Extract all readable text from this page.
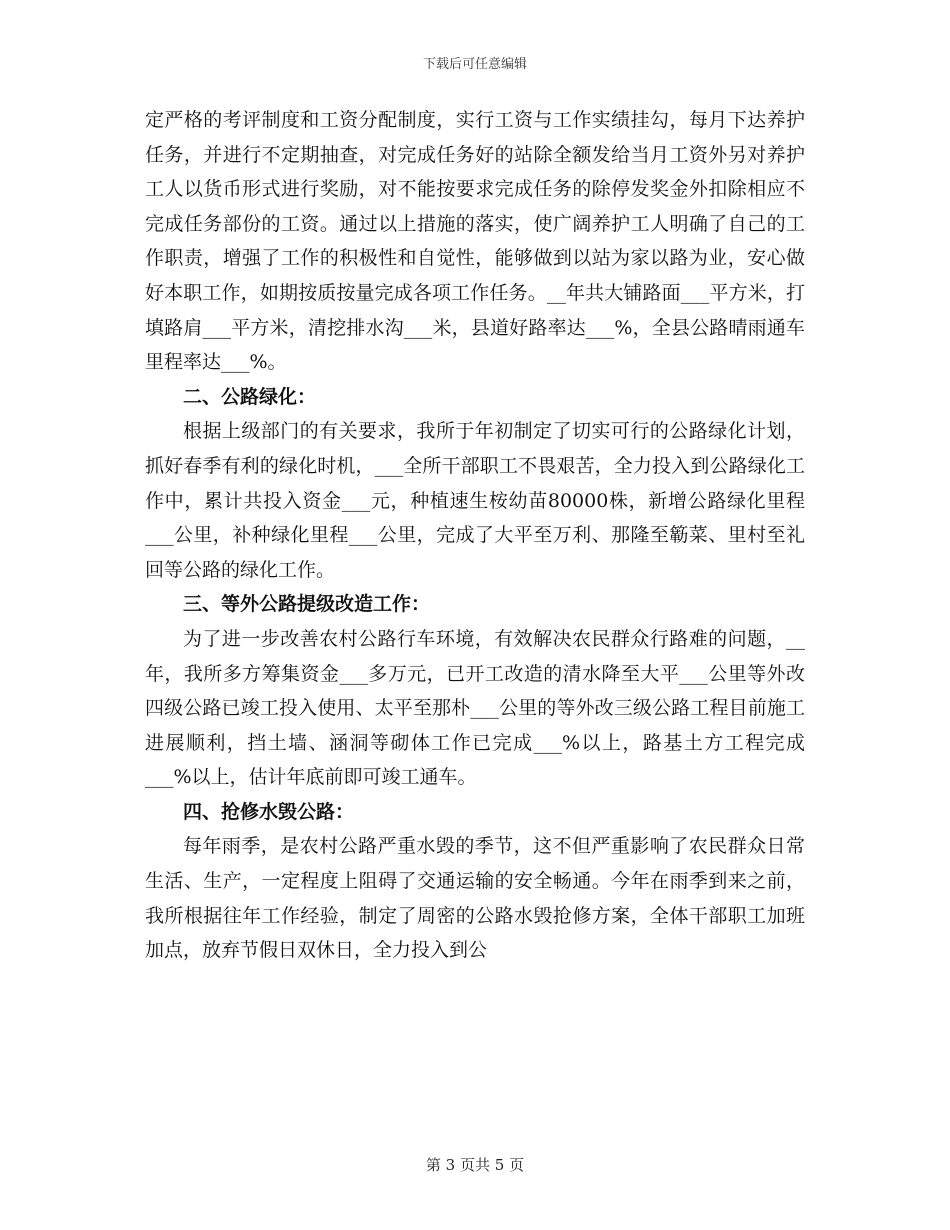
下载后可任意编辑

定严格的考评制度和工资分配制度，实行工资与工作实绩挂勾，每月下达养护任务，并进行不定期抽查，对完成任务好的站除全额发给当月工资外另对养护工人以货币形式进行奖励，对不能按要求完成任务的除停发奖金外扣除相应不完成任务部份的工资。通过以上措施的落实，使广阔养护工人明确了自己的工作职责，增强了工作的积极性和自觉性，能够做到以站为家以路为业，安心做好本职工作，如期按质按量完成各项工作任务。__年共大铺路面___平方米，打填路肩___平方米，清挖排水沟___米，县道好路率达___%，全县公路晴雨通车里程率达___%。

二、公路绿化：

根据上级部门的有关要求，我所于年初制定了切实可行的公路绿化计划，抓好春季有利的绿化时机，___全所干部职工不畏艰苦，全力投入到公路绿化工作中，累计共投入资金___元，种植速生桉幼苗80000株，新增公路绿化里程___公里，补种绿化里程___公里，完成了大平至万利、那隆至簕菜、里村至礼回等公路的绿化工作。

三、等外公路提级改造工作：

为了进一步改善农村公路行车环境，有效解决农民群众行路难的问题，__年，我所多方筹集资金___多万元，已开工改造的清水降至大平___公里等外改四级公路已竣工投入使用、太平至那朴___公里的等外改三级公路工程目前施工进展顺利，挡土墙、涵洞等砌体工作已完成___%以上，路基土方工程完成___%以上，估计年底前即可竣工通车。

四、抢修水毁公路：

每年雨季，是农村公路严重水毁的季节，这不但严重影响了农民群众日常生活、生产，一定程度上阻碍了交通运输的安全畅通。今年在雨季到来之前，我所根据往年工作经验，制定了周密的公路水毁抢修方案，全体干部职工加班加点，放弃节假日双休日，全力投入到公

第 3 页共 5 页
